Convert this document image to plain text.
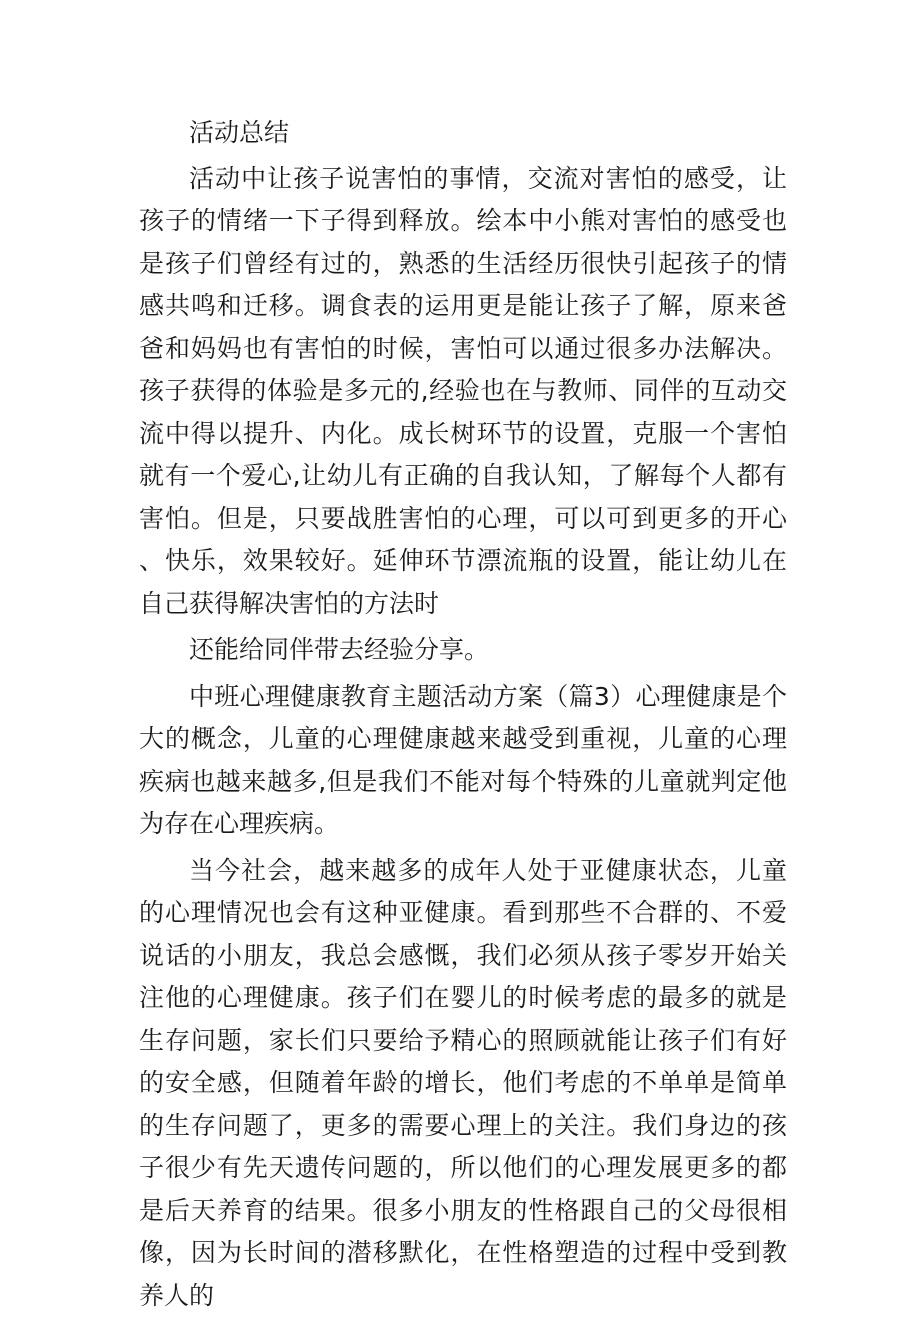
活动总结

活动中让孩子说害怕的事情，交流对害怕的感受，让孩子的情绪一下子得到释放。绘本中小熊对害怕的感受也是孩子们曾经有过的，熟悉的生活经历很快引起孩子的情感共鸣和迁移。调食表的运用更是能让孩子了解，原来爸爸和妈妈也有害怕的时候，害怕可以通过很多办法解决。孩子获得的体验是多元的,经验也在与教师、同伴的互动交流中得以提升、内化。成长树环节的设置，克服一个害怕就有一个爱心,让幼儿有正确的自我认知，了解每个人都有害怕。但是，只要战胜害怕的心理，可以可到更多的开心、快乐，效果较好。延伸环节漂流瓶的设置，能让幼儿在自己获得解决害怕的方法时

还能给同伴带去经验分享。

中班心理健康教育主题活动方案（篇3）心理健康是个大的概念，儿童的心理健康越来越受到重视，儿童的心理疾病也越来越多,但是我们不能对每个特殊的儿童就判定他为存在心理疾病。

当今社会，越来越多的成年人处于亚健康状态，儿童的心理情况也会有这种亚健康。看到那些不合群的、不爱说话的小朋友，我总会感慨，我们必须从孩子零岁开始关注他的心理健康。孩子们在婴儿的时候考虑的最多的就是生存问题，家长们只要给予精心的照顾就能让孩子们有好的安全感，但随着年龄的增长，他们考虑的不单单是简单的生存问题了，更多的需要心理上的关注。我们身边的孩子很少有先天遗传问题的，所以他们的心理发展更多的都是后天养育的结果。很多小朋友的性格跟自己的父母很相像，因为长时间的潜移默化，在性格塑造的过程中受到教养人的
